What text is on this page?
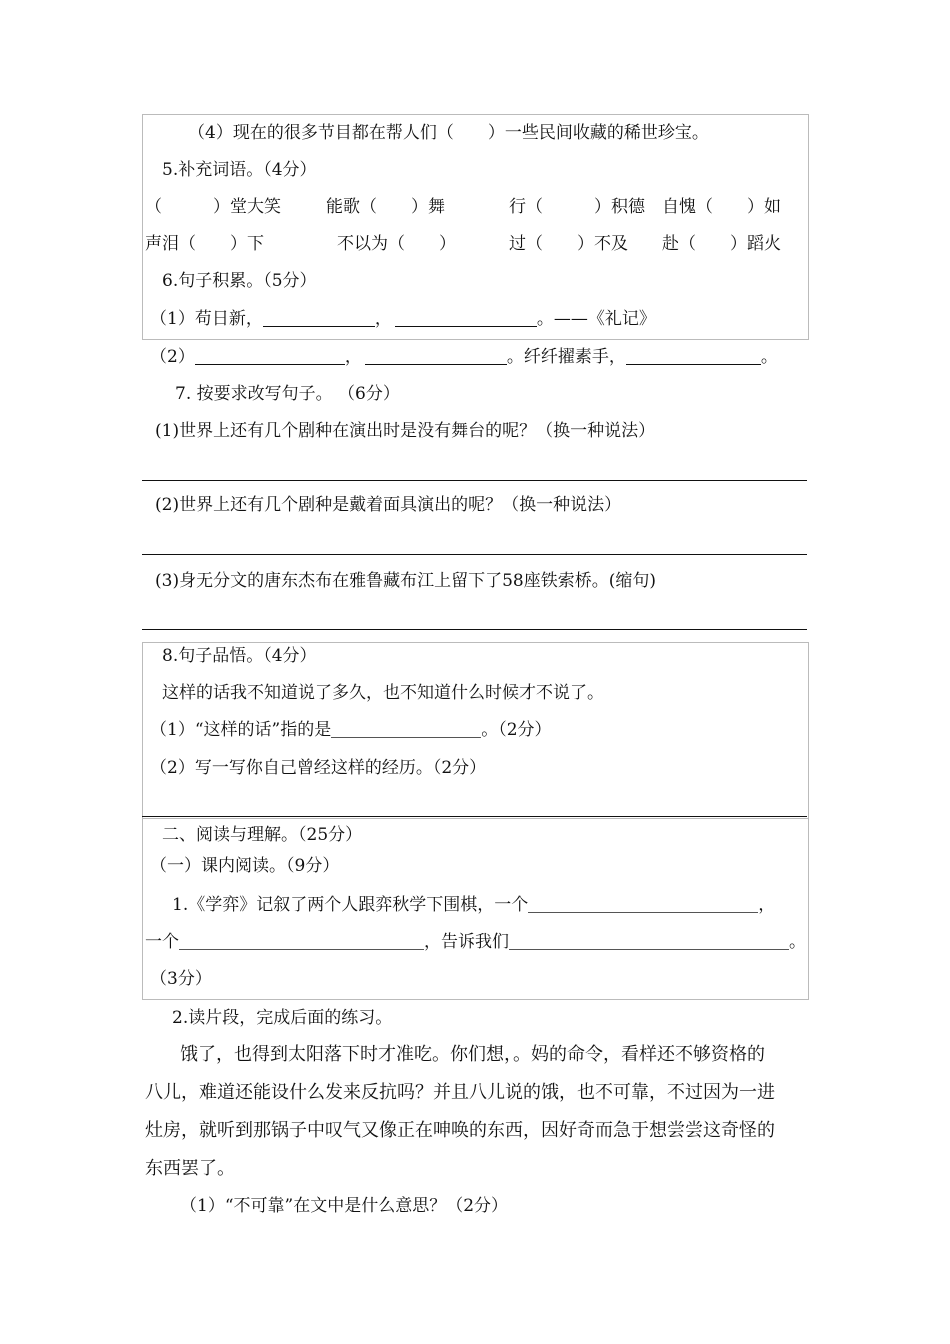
（4）现在的很多节目都在帮人们（　　）一些民间收藏的稀世珍宝。
5.补充词语。（4分）
（　　　）堂大笑	能歌（　　）舞	行（　　　）积德 自愧（　　）如
声泪（　　）下	不以为（　　）	过（　　）不及 赴（　　）蹈火
6.句子积累。（5分）
（1）苟日新，	，	。——《礼记》
（2）	，	。纤纤擢素手，	。
7. 按要求改写句子。 （6分）
(1)世界上还有几个剧种在演出时是没有舞台的呢？（换一种说法）
(2)世界上还有几个剧种是戴着面具演出的呢？（换一种说法）
(3)身无分文的唐东杰布在雅鲁藏布江上留下了58座铁索桥。(缩句)
8.句子品悟。（4分）
这样的话我不知道说了多久，也不知道什么时候才不说了。
（1）“这样的话”指的是	。（2分）
（2）写一写你自己曾经这样的经历。（2分）
二、阅读与理解。（25分）
（一）课内阅读。（9分）
1.《学弈》记叙了两个人跟弈秋学下围棋，一个	，
一个	，告诉我们	。
（3分）
2.读片段，完成后面的练习。
饿了，也得到太阳落下时才准吃。你们想，。妈的命令，看样还不够资格的
八儿，难道还能设什么发来反抗吗？并且八儿说的饿，也不可靠，不过因为一进
灶房，就听到那锅子中叹气又像正在呻唤的东西，因好奇而急于想尝尝这奇怪的
东西罢了。
（1）“不可靠”在文中是什么意思？（2分）
